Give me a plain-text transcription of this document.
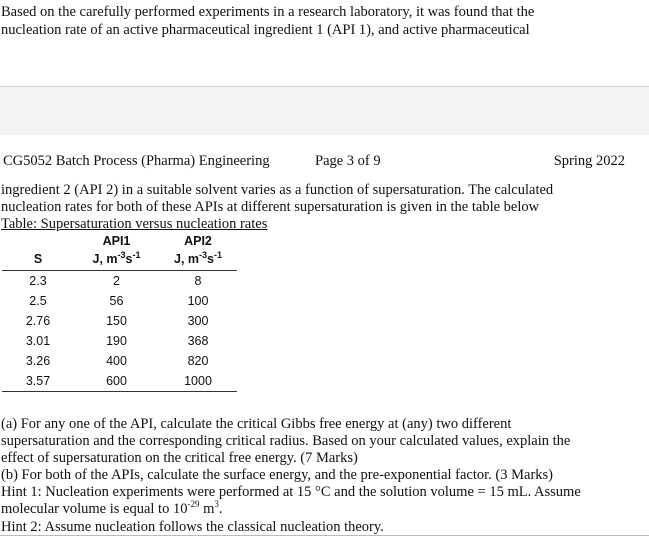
Based on the carefully performed experiments in a research laboratory, it was found that the
nucleation rate of an active pharmaceutical ingredient 1 (API 1), and active pharmaceutical
CG5052 Batch Process (Pharma) Engineering	Page 3 of 9	Spring 2022
ingredient 2 (API 2) in a suitable solvent varies as a function of supersaturation. The calculated
nucleation rates for both of these APIs at different supersaturation is given in the table below
Table: Supersaturation versus nucleation rates
	API1	API2
S	J, $m^{-3}s^{-1}$	J, $m^{-3}s^{-1}$
2.3	2	8
2.5	56	100
2.76	150	300
3.01	190	368
3.26	400	820
3.57	600	1000
(a) For any one of the API, calculate the critical Gibbs free energy at (any) two different
supersaturation and the corresponding critical radius. Based on your calculated values, explain the
effect of supersaturation on the critical free energy. (7 Marks)
(b) For both of the APIs, calculate the surface energy, and the pre-exponential factor. (3 Marks)
Hint 1: Nucleation experiments were performed at 15 °C and the solution volume = 15 mL. Assume
molecular volume is equal to $10^{-29}$ $m^3$.
Hint 2: Assume nucleation follows the classical nucleation theory.
